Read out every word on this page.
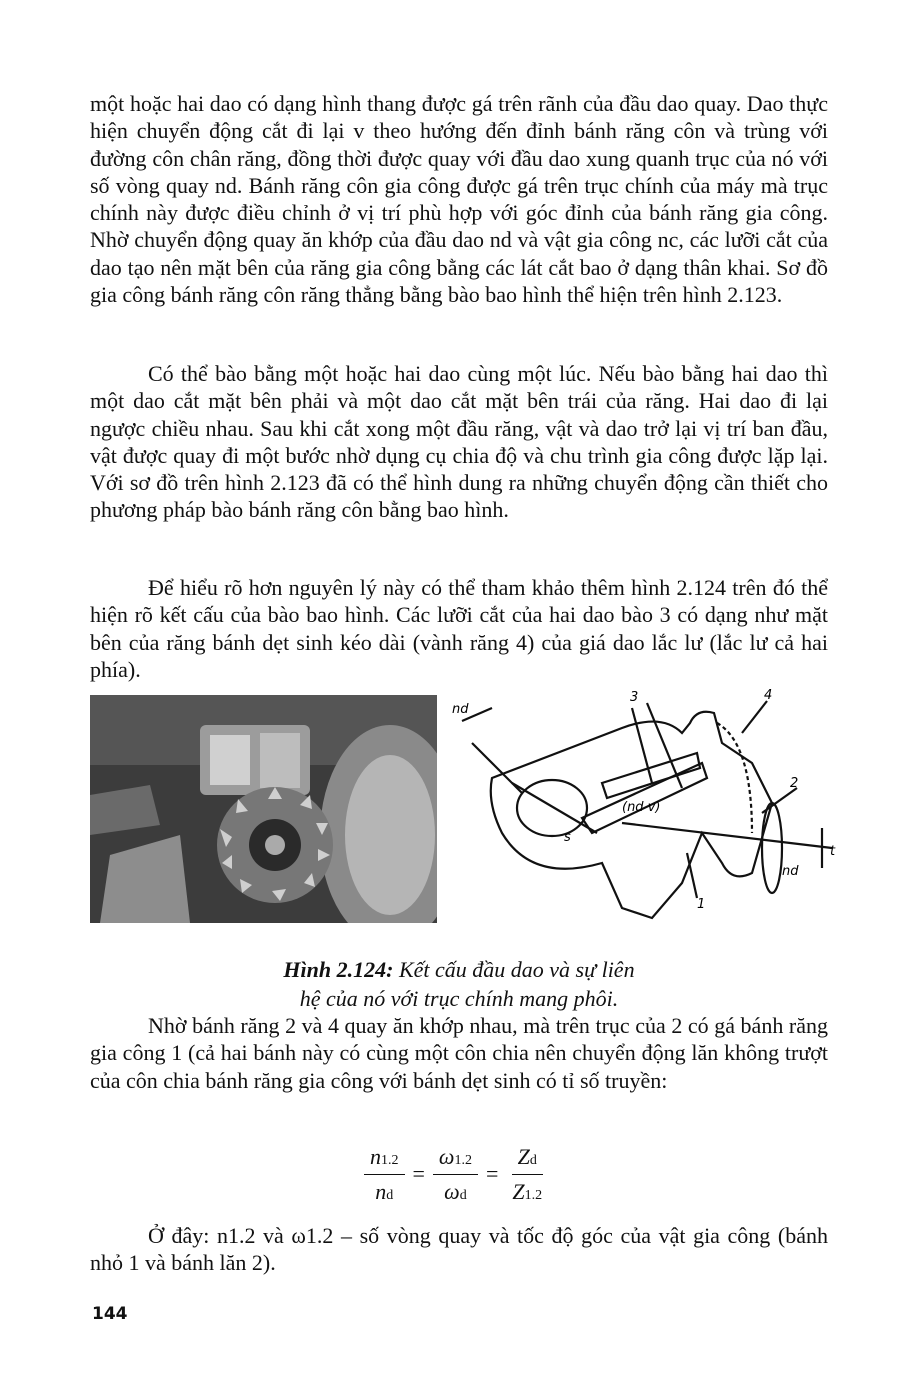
một hoặc hai dao có dạng hình thang được gá trên rãnh của đầu dao quay. Dao thực hiện chuyển động cắt đi lại v theo hướng đến đỉnh bánh răng côn và trùng với đường côn chân răng, đồng thời được quay với đầu dao xung quanh trục của nó với số vòng quay nd. Bánh răng côn gia công được gá trên trục chính của máy mà trục chính này được điều chỉnh ở vị trí phù hợp với góc đỉnh của bánh răng gia công. Nhờ chuyển động quay ăn khớp của đầu dao nd và vật gia công nc, các lưỡi cắt của dao tạo nên mặt bên của răng gia công bằng các lát cắt bao ở dạng thân khai. Sơ đồ gia công bánh răng côn răng thẳng bằng bào bao hình thể hiện trên hình 2.123.

Có thể bào bằng một hoặc hai dao cùng một lúc. Nếu bào bằng hai dao thì một dao cắt mặt bên phải và một dao cắt mặt bên trái của răng. Hai dao đi lại ngược chiều nhau. Sau khi cắt xong một đầu răng, vật và dao trở lại vị trí ban đầu, vật được quay đi một bước nhờ dụng cụ chia độ và chu trình gia công được lặp lại. Với sơ đồ trên hình 2.123 đã có thể hình dung ra những chuyển động cần thiết cho phương pháp bào bánh răng côn bằng bao hình.

Để hiểu rõ hơn nguyên lý này có thể tham khảo thêm hình 2.124 trên đó thể hiện rõ kết cấu của bào bao hình. Các lưỡi cắt của hai dao bào 3 có dạng như mặt bên của răng bánh dẹt sinh kéo dài (vành răng 4) của giá dao lắc lư (lắc lư cả hai phía).

nd
3	4
2
1
s
(nd v)
t
nd
Hình 2.124: Kết cấu đầu dao và sự liên
hệ của nó với trục chính mang phôi.

Nhờ bánh răng 2 và 4 quay ăn khớp nhau, mà trên trục của 2 có gá bánh răng gia công 1 (cả hai bánh này có cùng một côn chia nên chuyển động lăn không trượt của côn chia bánh răng gia công với bánh dẹt sinh có tỉ số truyền:

$\frac{n1.2}{nd} = \frac{\omega 1.2}{\omega d} = \frac{Zd}{Z1.2}$

Ở đây: n1.2 và ω1.2 – số vòng quay và tốc độ góc của vật gia công (bánh nhỏ 1 và bánh lăn 2).

144
